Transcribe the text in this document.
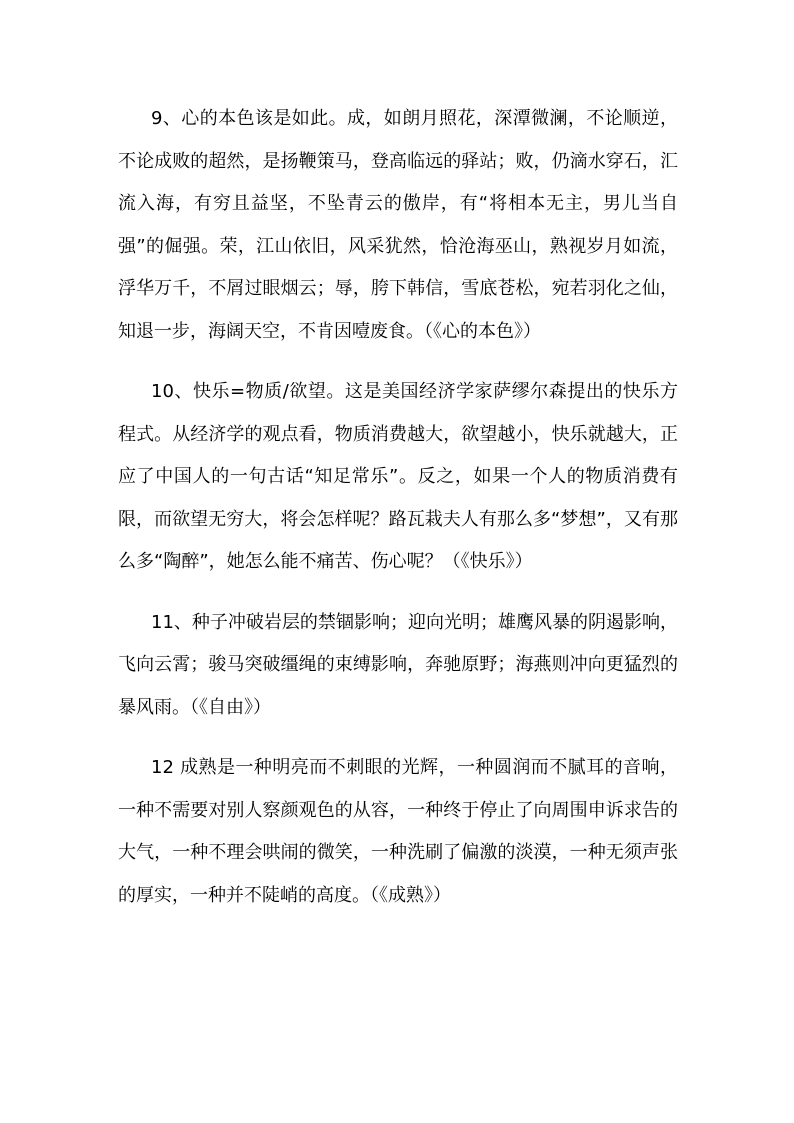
9、心的本色该是如此。成，如朗月照花，深潭微澜，不论顺逆，不论成败的超然，是扬鞭策马，登高临远的驿站；败，仍滴水穿石，汇流入海，有穷且益坚，不坠青云的傲岸，有“将相本无主，男儿当自强”的倔强。荣，江山依旧，风采犹然，恰沧海巫山，熟视岁月如流，浮华万千，不屑过眼烟云；辱，胯下韩信，雪底苍松，宛若羽化之仙，知退一步，海阔天空，不肯因噎废食。（《心的本色》）

10、快乐=物质/欲望。这是美国经济学家萨缪尔森提出的快乐方程式。从经济学的观点看，物质消费越大，欲望越小，快乐就越大，正应了中国人的一句古话“知足常乐”。反之，如果一个人的物质消费有限，而欲望无穷大，将会怎样呢？路瓦栽夫人有那么多“梦想”，又有那么多“陶醉”，她怎么能不痛苦、伤心呢？（《快乐》）

11、种子冲破岩层的禁锢影响；迎向光明；雄鹰风暴的阴遏影响，飞向云霄；骏马突破缰绳的束缚影响，奔驰原野；海燕则冲向更猛烈的暴风雨。（《自由》）

12 成熟是一种明亮而不刺眼的光辉，一种圆润而不腻耳的音响，一种不需要对别人察颜观色的从容，一种终于停止了向周围申诉求告的大气，一种不理会哄闹的微笑，一种洗刷了偏激的淡漠，一种无须声张的厚实，一种并不陡峭的高度。（《成熟》）
